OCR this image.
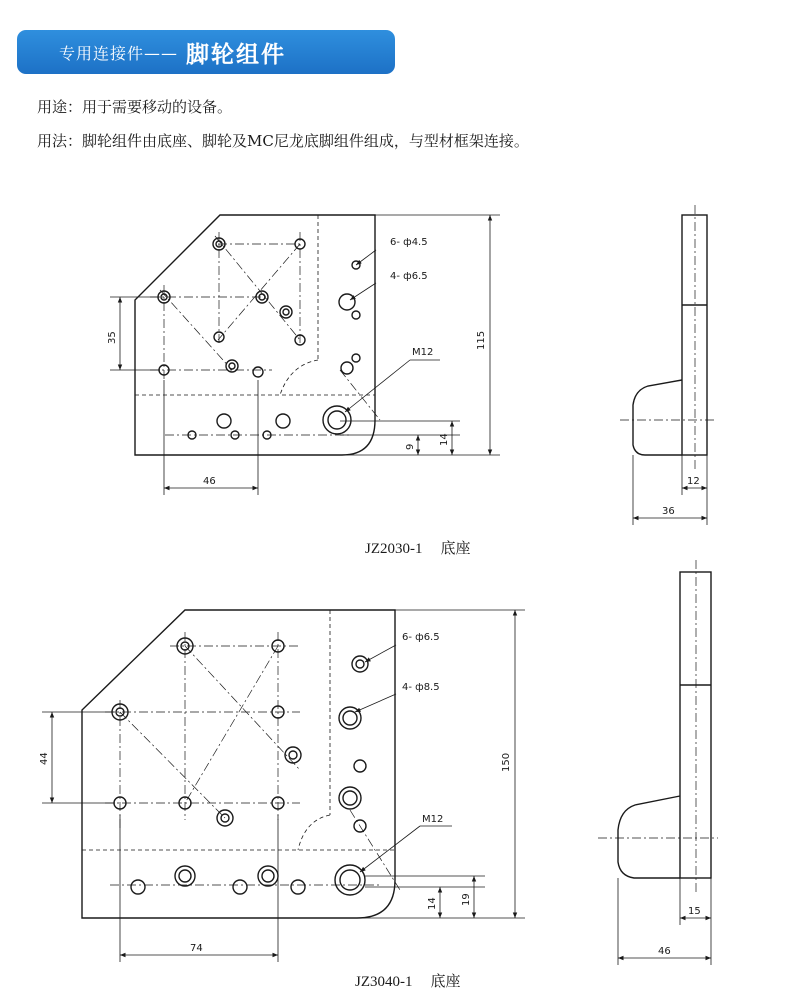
专用连接件—— 脚轮组件
用途：用于需要移动的设备。
用法：脚轮组件由底座、脚轮及MC尼龙底脚组件组成，与型材框架连接。
6- ф4.5
4- ф6.5
M12
115
35
46
9
14
12
36
6- ф6.5
4- ф8.5
M12
150
44
74
14 19
15
46
JZ2030-1 底座
JZ3040-1 底座
